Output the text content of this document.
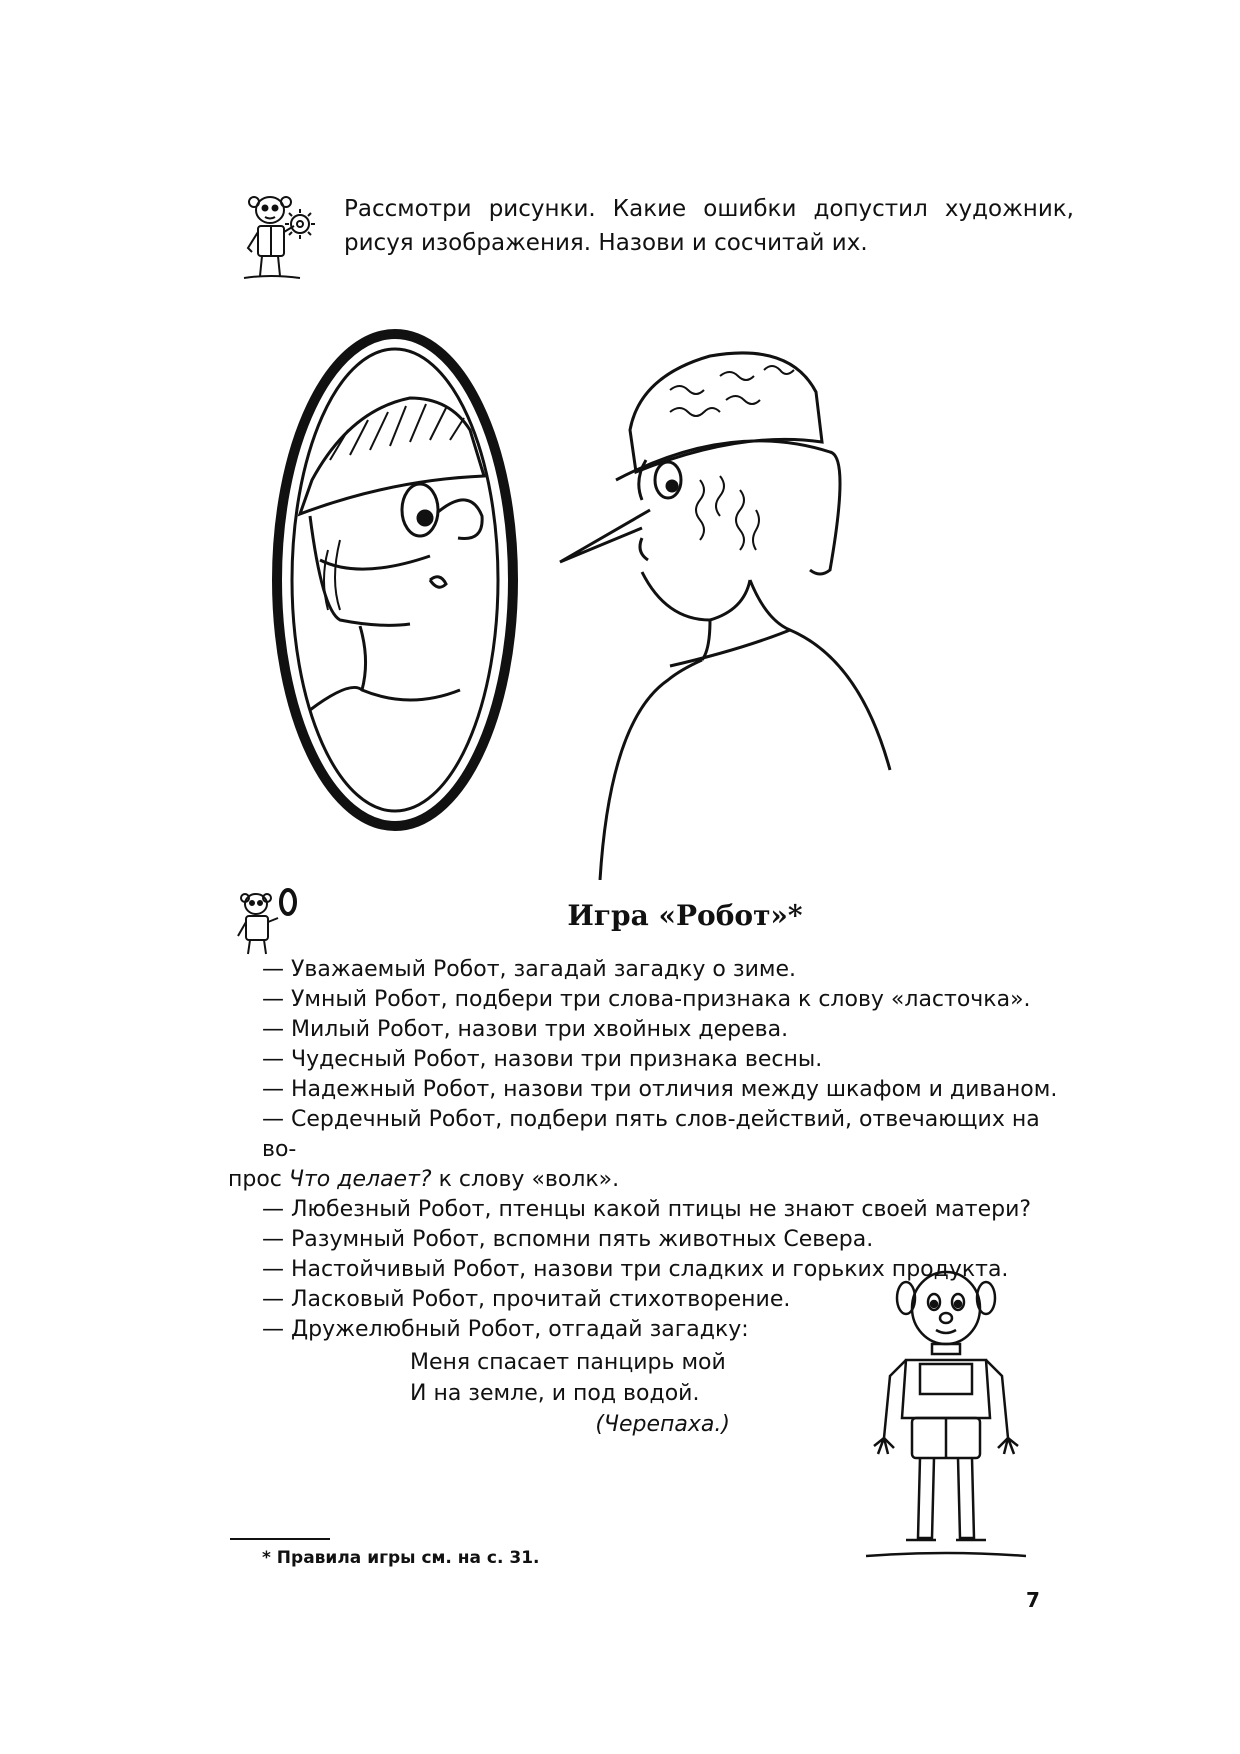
Рассмотри рисунки. Какие ошибки допустил художник, рисуя изображения. Назови и сосчитай их.

Игра «Робот»*
— Уважаемый Робот, загадай загадку о зиме.
— Умный Робот, подбери три слова-признака к слову «ласточка».
— Милый Робот, назови три хвойных дерева.
— Чудесный Робот, назови три признака весны.
— Надежный Робот, назови три отличия между шкафом и диваном.
— Сердечный Робот, подбери пять слов-действий, отвечающих на во-
прос Что делает? к слову «волк».
— Любезный Робот, птенцы какой птицы не знают своей матери?
— Разумный Робот, вспомни пять животных Севера.
— Настойчивый Робот, назови три сладких и горьких продукта.
— Ласковый Робот, прочитай стихотворение.
— Дружелюбный Робот, отгадай загадку:
Меня спасает панцирь мой
И на земле, и под водой.
(Черепаха.)

* Правила игры см. на с. 31.

7
